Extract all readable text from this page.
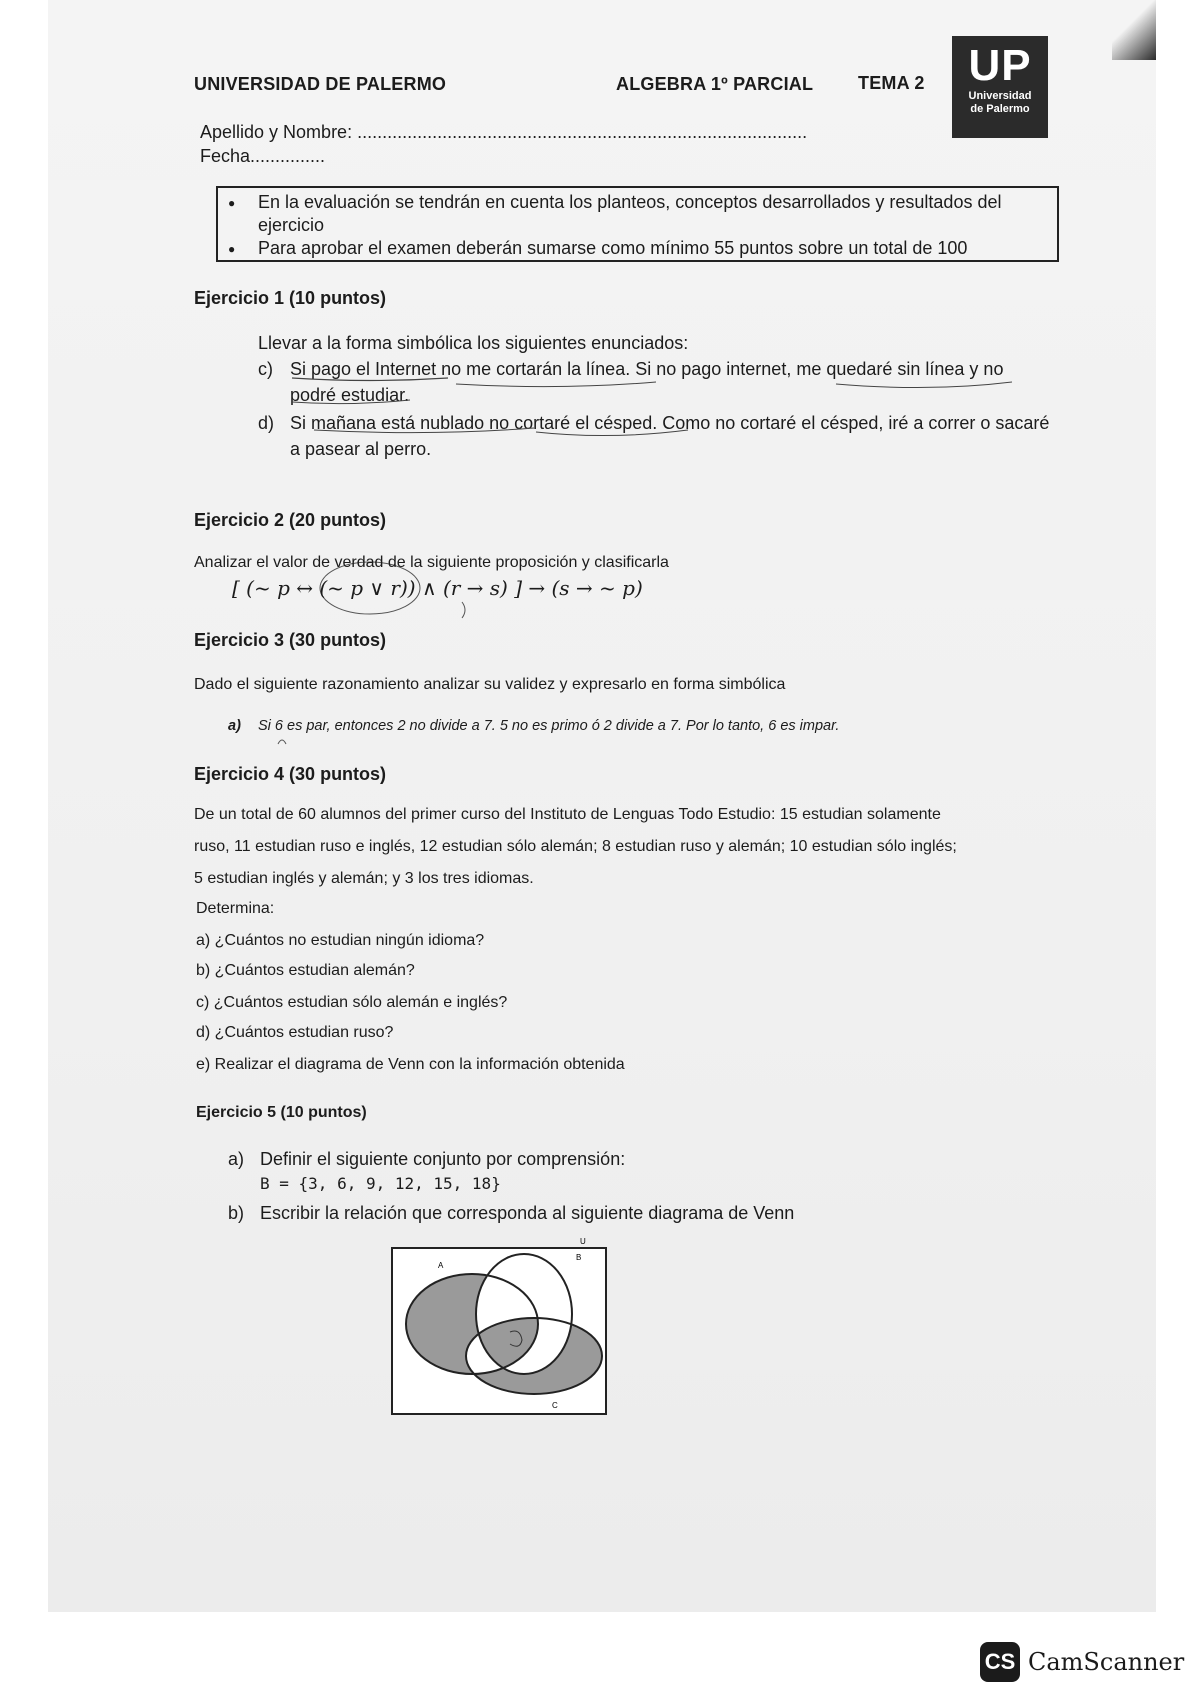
UNIVERSIDAD DE PALERMO	ALGEBRA 1º PARCIAL TEMA 2 UP
Universidad
de Palermo
Apellido y Nombre: ..........................................................................................
Fecha...............
● En la evaluación se tendrán en cuenta los planteos, conceptos desarrollados y resultados del ejercicio
● Para aprobar el examen deberán sumarse como mínimo 55 puntos sobre un total de 100
Ejercicio 1 (10 puntos)
Llevar a la forma simbólica los siguientes enunciados:
c) Si pago el Internet no me cortarán la línea. Si no pago internet, me quedaré sin línea y no podré estudiar.
d) Si mañana está nublado no cortaré el césped. Como no cortaré el césped, iré a correr o sacaré a pasear al perro.
Ejercicio 2 (20 puntos)
Analizar el valor de verdad de la siguiente proposición y clasificarla
[ (~ p ↔ (~ p ∨ r)) ∧ (r → s) ] → (s → ~ p)
Ejercicio 3 (30 puntos)
Dado el siguiente razonamiento analizar su validez y expresarlo en forma simbólica
a) Si 6 es par, entonces 2 no divide a 7. 5 no es primo ó 2 divide a 7. Por lo tanto, 6 es impar.
Ejercicio 4 (30 puntos)
De un total de 60 alumnos del primer curso del Instituto de Lenguas Todo Estudio: 15 estudian solamente
ruso, 11 estudian ruso e inglés, 12 estudian sólo alemán; 8 estudian ruso y alemán; 10 estudian sólo inglés;
5 estudian inglés y alemán; y 3 los tres idiomas.
Determina:
a) ¿Cuántos no estudian ningún idioma?
b) ¿Cuántos estudian alemán?
c) ¿Cuántos estudian sólo alemán e inglés?
d) ¿Cuántos estudian ruso?
e) Realizar el diagrama de Venn con la información obtenida
Ejercicio 5 (10 puntos)
a) Definir el siguiente conjunto por comprensión:
B = {3, 6, 9, 12, 15, 18}
b) Escribir la relación que corresponda al siguiente diagrama de Venn
U
A
B
C
CS CamScanner
